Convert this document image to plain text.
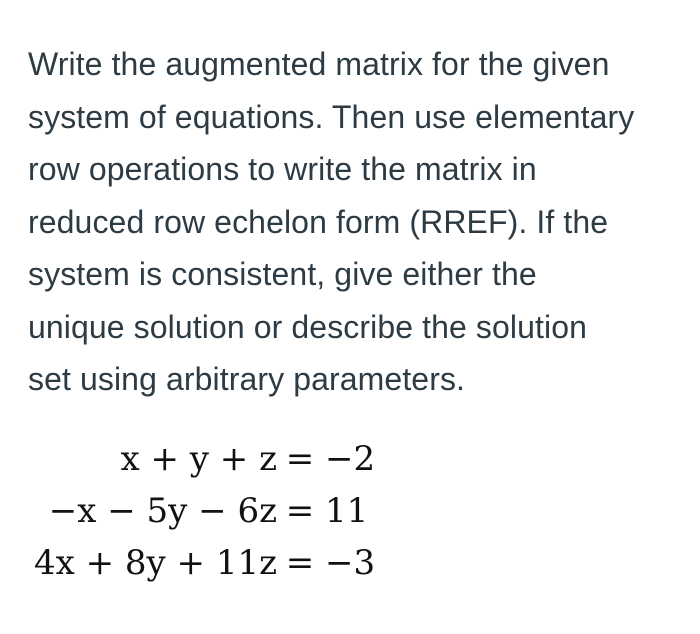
Write the augmented matrix for the given
system of equations. Then use elementary
row operations to write the matrix in
reduced row echelon form (RREF). If the
system is consistent, give either the
unique solution or describe the solution
set using arbitrary parameters.

x + y + z = −2
−x − 5y − 6z = 11
4x + 8y + 11z = −3
